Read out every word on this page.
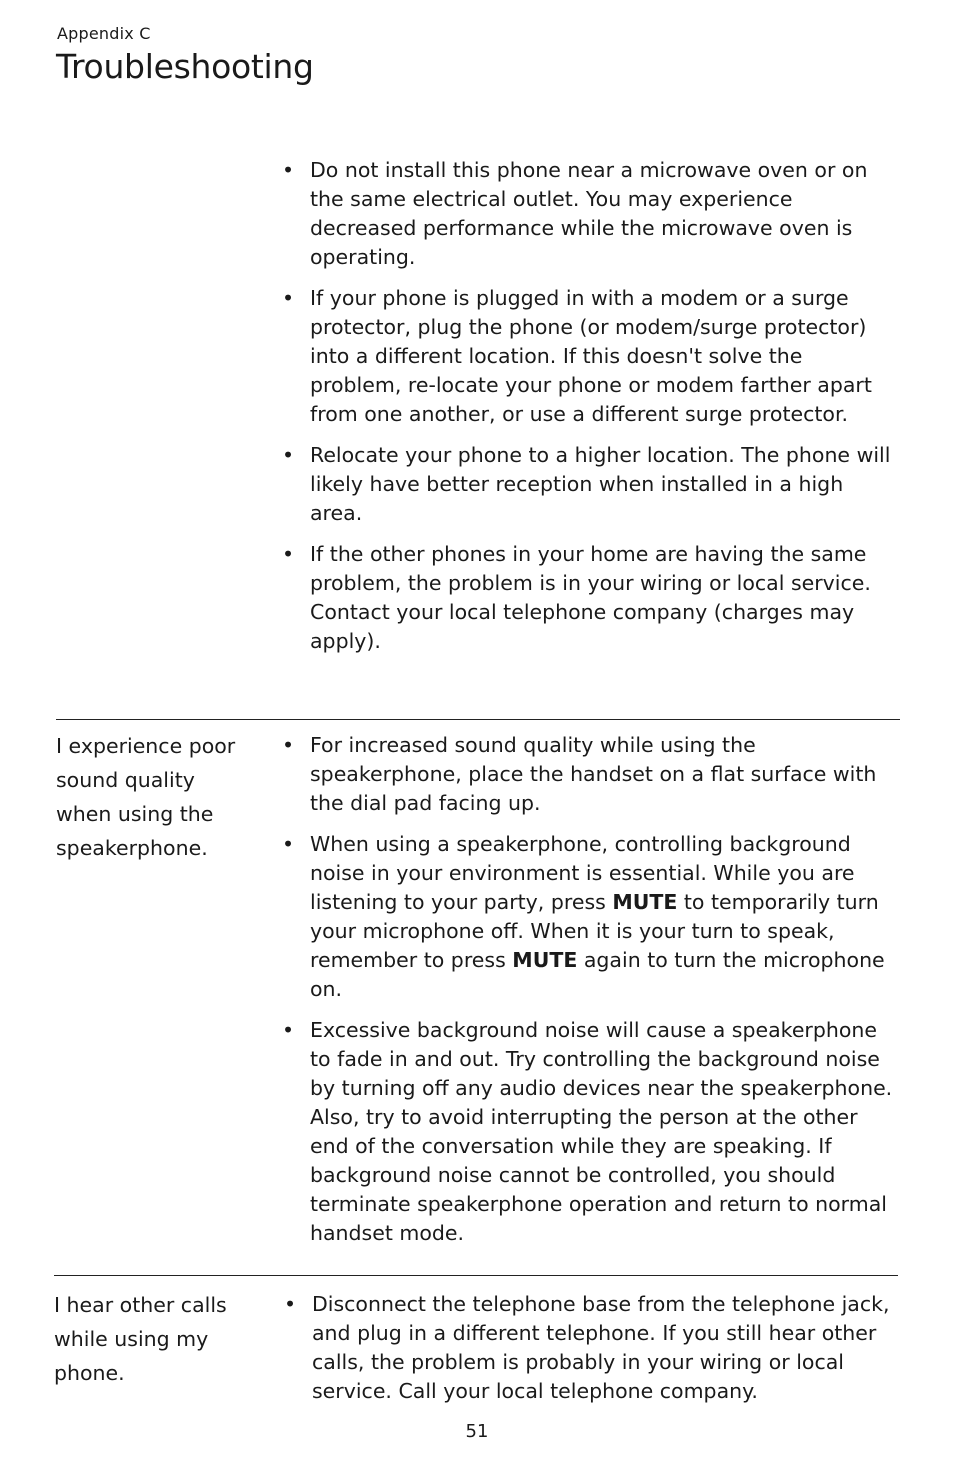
Appendix C
Troubleshooting
• Do not install this phone near a microwave oven or on the same electrical outlet. You may experience decreased performance while the microwave oven is operating.
• If your phone is plugged in with a modem or a surge protector, plug the phone (or modem/surge protector) into a different location. If this doesn't solve the problem, re-locate your phone or modem farther apart from one another, or use a different surge protector.
• Relocate your phone to a higher location. The phone will likely have better reception when installed in a high area.
• If the other phones in your home are having the same problem, the problem is in your wiring or local service. Contact your local telephone company (charges may apply).
I experience poor sound quality when using the speakerphone.
• For increased sound quality while using the speakerphone, place the handset on a flat surface with the dial pad facing up.
• When using a speakerphone, controlling background noise in your environment is essential. While you are listening to your party, press MUTE to temporarily turn your microphone off. When it is your turn to speak, remember to press MUTE again to turn the microphone on.
• Excessive background noise will cause a speakerphone to fade in and out. Try controlling the background noise by turning off any audio devices near the speakerphone. Also, try to avoid interrupting the person at the other end of the conversation while they are speaking. If background noise cannot be controlled, you should terminate speakerphone operation and return to normal handset mode.
I hear other calls while using my phone.
• Disconnect the telephone base from the telephone jack, and plug in a different telephone. If you still hear other calls, the problem is probably in your wiring or local service. Call your local telephone company.
51
